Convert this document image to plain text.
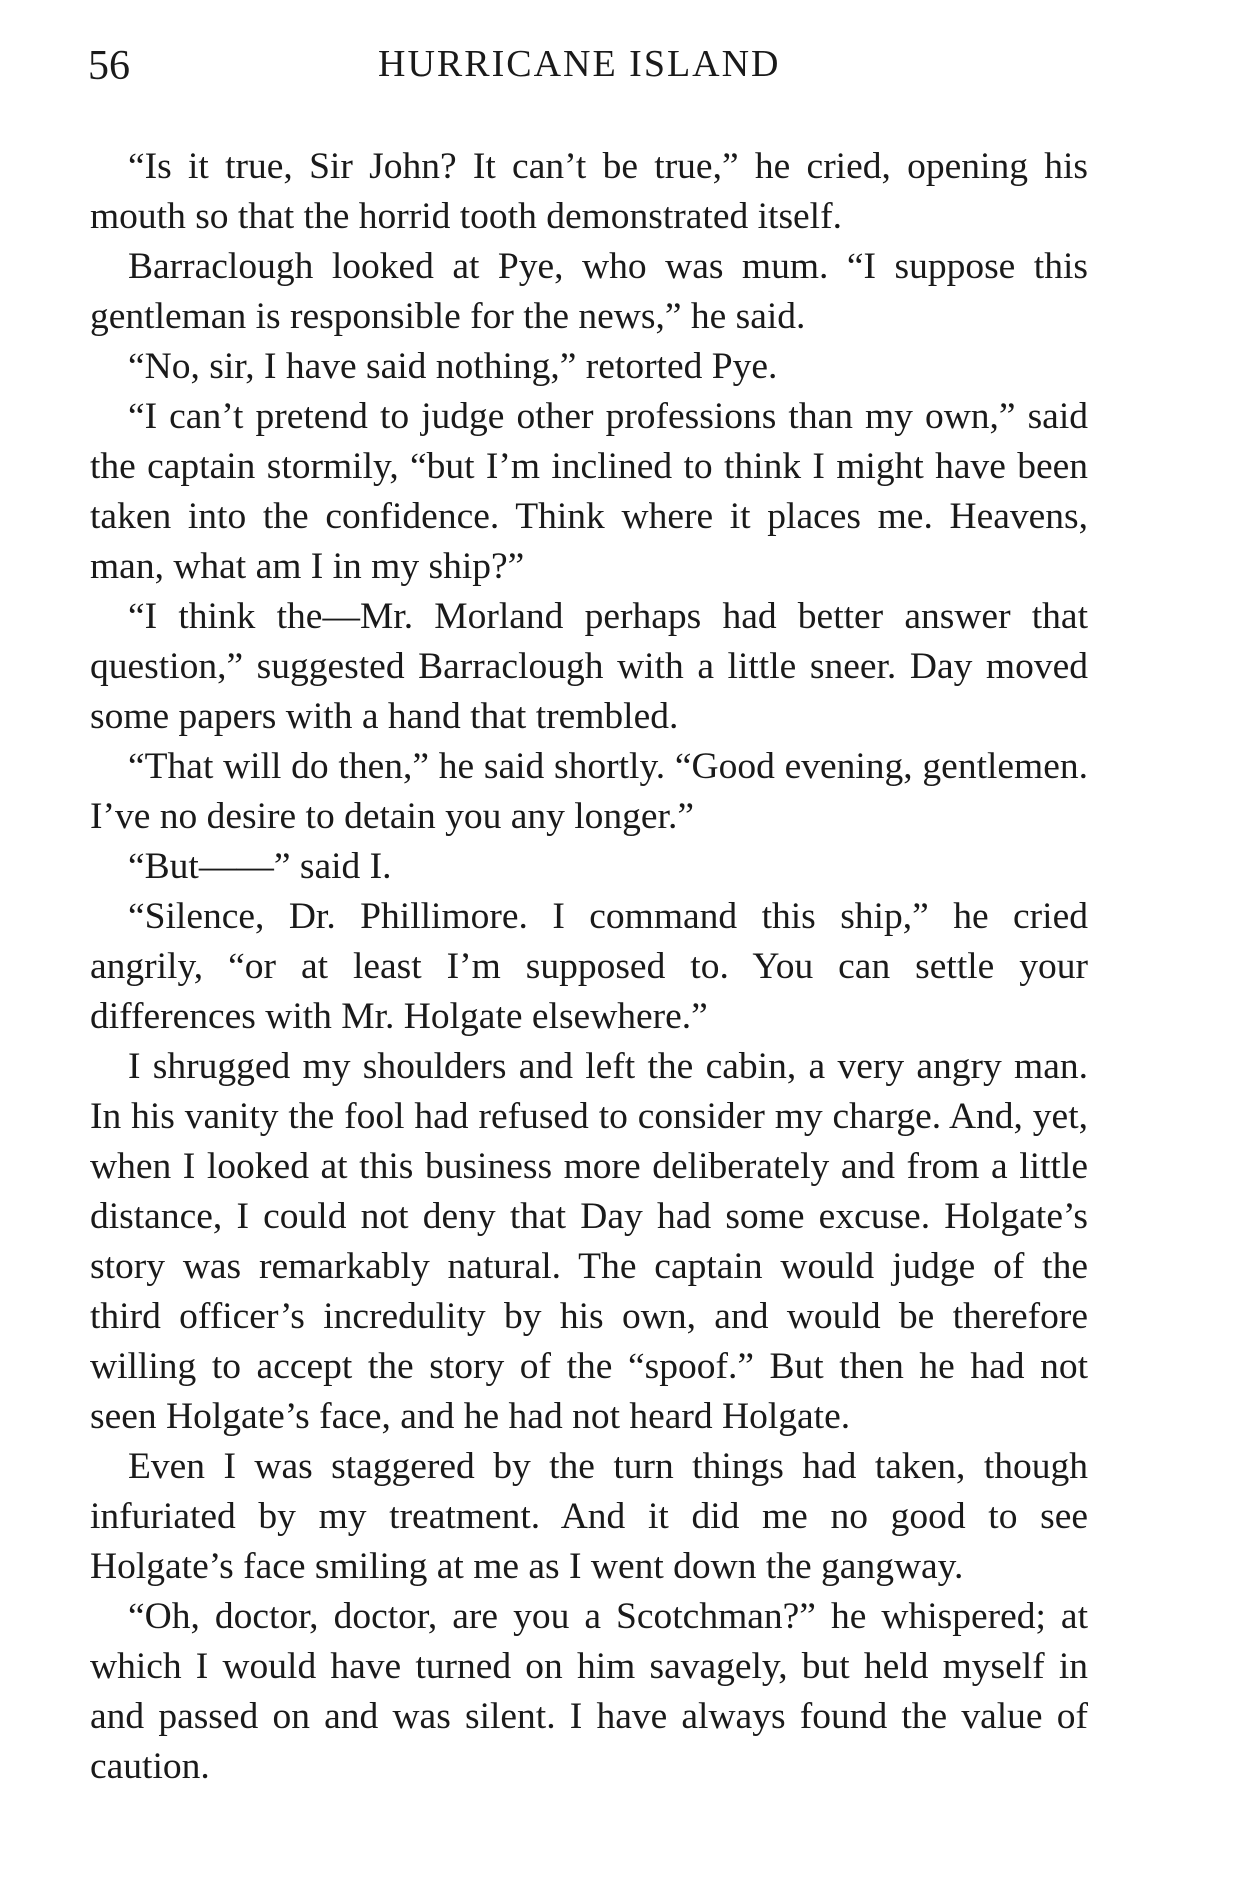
56	HURRICANE ISLAND

“Is it true, Sir John? It can’t be true,” he cried, opening his mouth so that the horrid tooth demonstrated itself.

Barraclough looked at Pye, who was mum. “I suppose this gentleman is responsible for the news,” he said.

“No, sir, I have said nothing,” retorted Pye.

“I can’t pretend to judge other professions than my own,” said the captain stormily, “but I’m inclined to think I might have been taken into the confidence. Think where it places me. Heavens, man, what am I in my ship?”

“I think the—Mr. Morland perhaps had better answer that question,” suggested Barraclough with a little sneer. Day moved some papers with a hand that trembled.

“That will do then,” he said shortly. “Good evening, gentlemen. I’ve no desire to detain you any longer.”

“But——” said I.

“Silence, Dr. Phillimore. I command this ship,” he cried angrily, “or at least I’m supposed to. You can settle your differences with Mr. Holgate elsewhere.”

I shrugged my shoulders and left the cabin, a very angry man. In his vanity the fool had refused to consider my charge. And, yet, when I looked at this business more deliberately and from a little distance, I could not deny that Day had some excuse. Holgate’s story was remarkably natural. The captain would judge of the third officer’s incredulity by his own, and would be therefore willing to accept the story of the “spoof.” But then he had not seen Holgate’s face, and he had not heard Holgate.

Even I was staggered by the turn things had taken, though infuriated by my treatment. And it did me no good to see Holgate’s face smiling at me as I went down the gangway.

“Oh, doctor, doctor, are you a Scotchman?” he whispered; at which I would have turned on him savagely, but held myself in and passed on and was silent. I have always found the value of caution.
